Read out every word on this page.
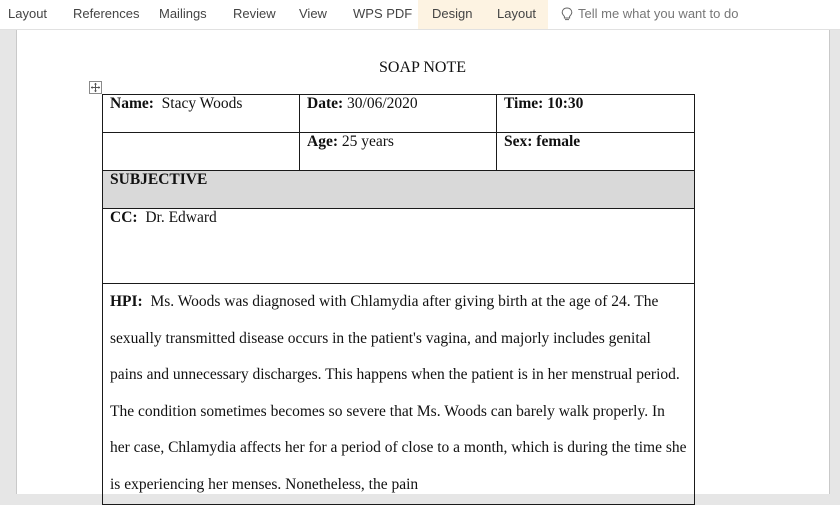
Layout References Mailings Review View WPS PDF Design Layout	Tell me what you want to do
SOAP NOTE
Name: Stacy Woods	Date: 30/06/2020	Time: 10:30
	Age: 25 years	Sex: female
SUBJECTIVE		
CC: Dr. Edward		
HPI: Ms. Woods was diagnosed with Chlamydia after giving birth at the age of 24. The sexually transmitted disease occurs in the patient's vagina, and majorly includes genital pains and unnecessary discharges. This happens when the patient is in her menstrual period. The condition sometimes becomes so severe that Ms. Woods can barely walk properly. In her case, Chlamydia affects her for a period of close to a month, which is during the time she is experiencing her menses. Nonetheless, the pain		
